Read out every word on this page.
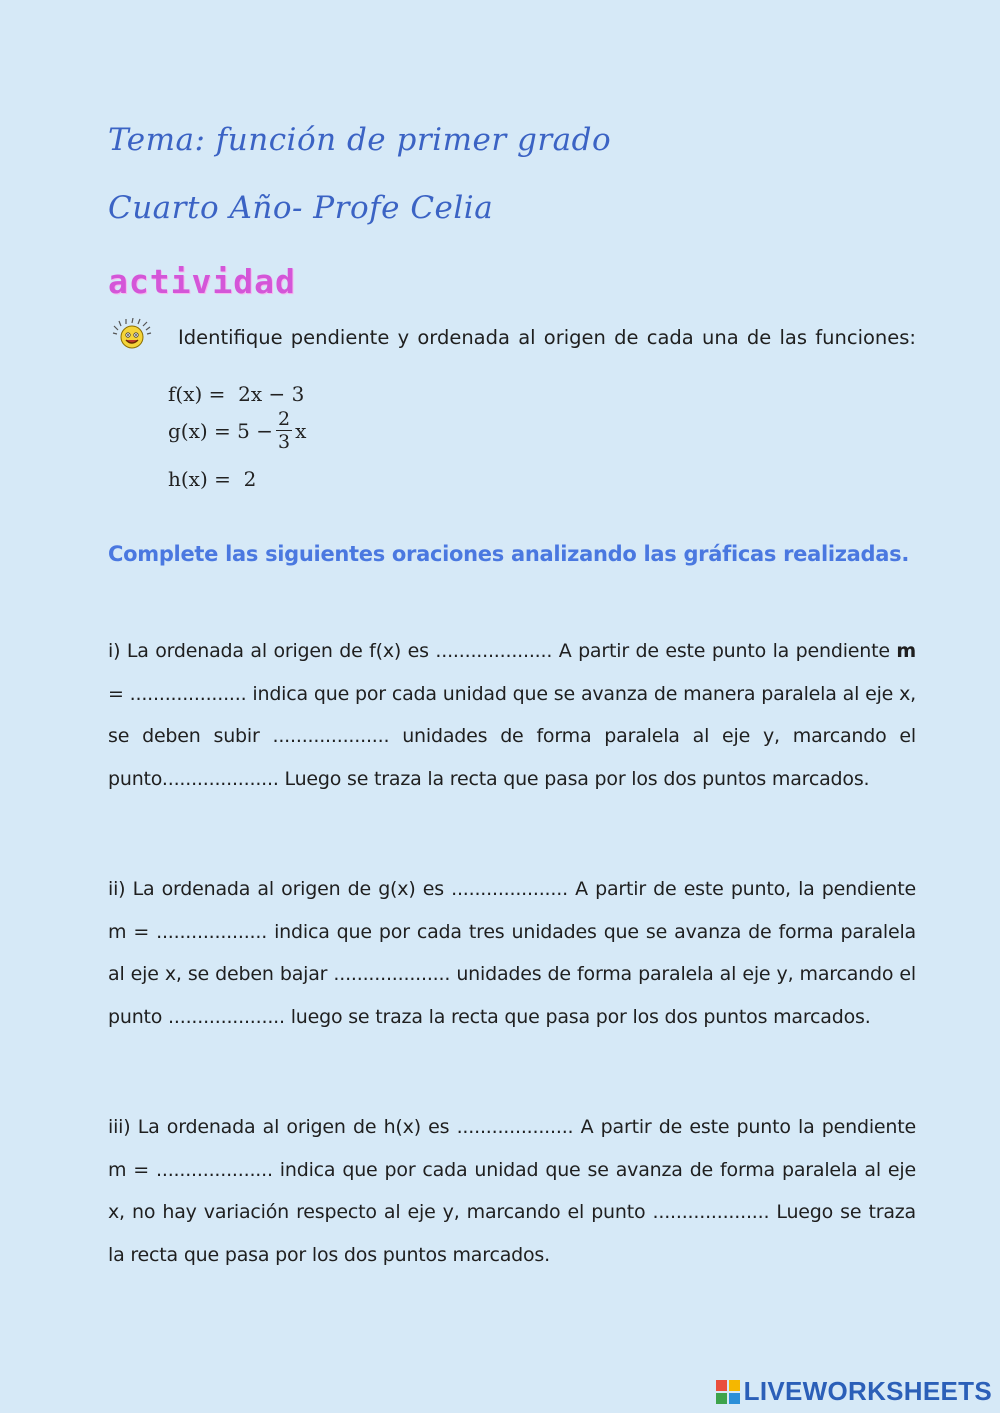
Tema: función de primer grado
Cuarto Año- Profe Celia
actividad
Identifique pendiente y ordenada al origen de cada una de las funciones:
f(x) = 2x − 3
g(x) =
$5 - \frac{2}{3}$ x
h(x) = 2
Complete las siguientes oraciones analizando las gráficas realizadas.
i) La ordenada al origen de f(x) es .................... A partir de este punto la pendiente m = .................... indica que por cada unidad que se avanza de manera paralela al eje x, se deben subir .................... unidades de forma paralela al eje y, marcando el punto.................... Luego se traza la recta que pasa por los dos puntos marcados.
ii) La ordenada al origen de g(x) es .................... A partir de este punto, la pendiente m = ................... indica que por cada tres unidades que se avanza de forma paralela al eje x, se deben bajar .................... unidades de forma paralela al eje y, marcando el punto .................... luego se traza la recta que pasa por los dos puntos marcados.
iii) La ordenada al origen de h(x) es .................... A partir de este punto la pendiente m = .................... indica que por cada unidad que se avanza de forma paralela al eje x, no hay variación respecto al eje y, marcando el punto .................... Luego se traza la recta que pasa por los dos puntos marcados.
LIVEWORKSHEETS
